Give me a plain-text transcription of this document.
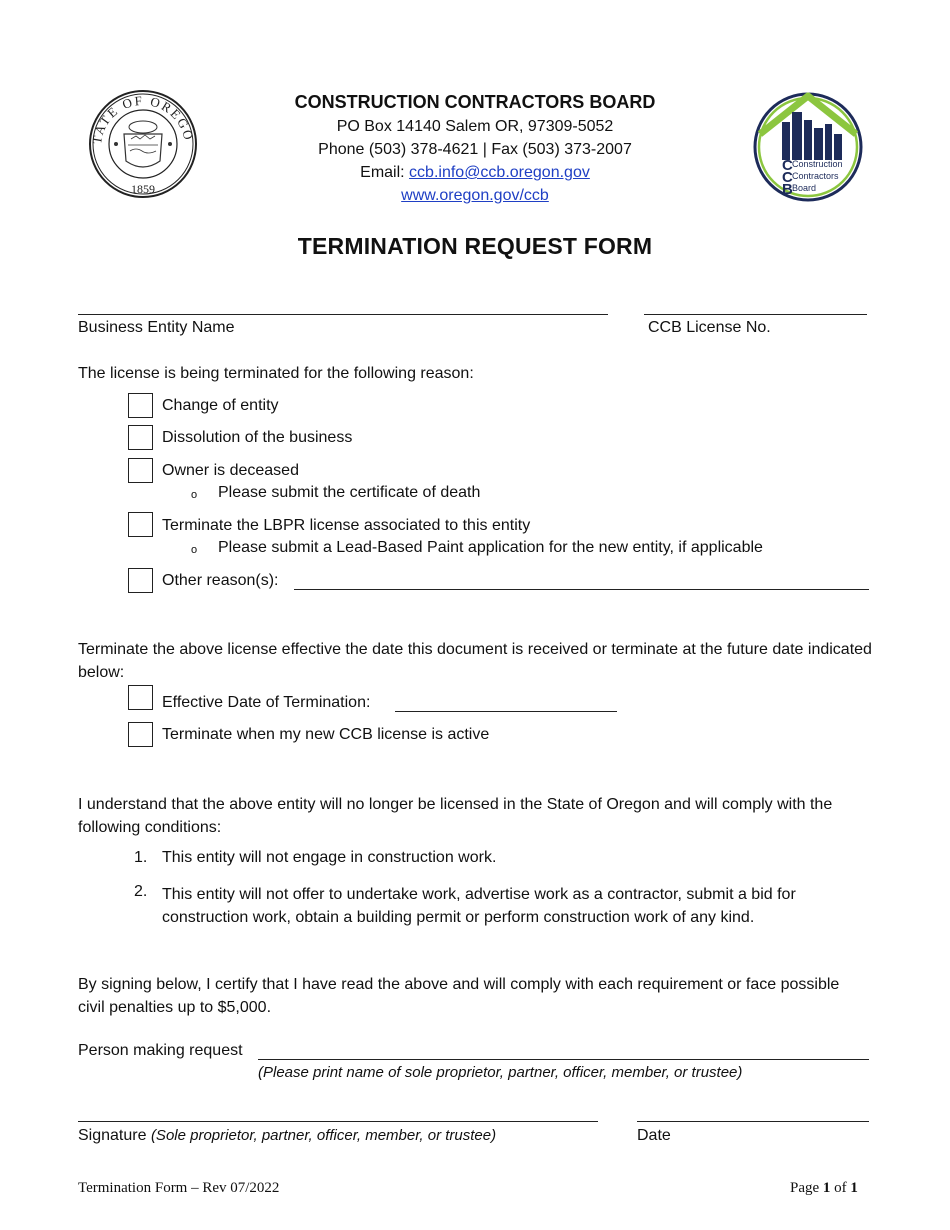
TATE OF OREGO
1859
C
C
B
Construction
Contractors
Board
CONSTRUCTION CONTRACTORS BOARD
PO Box 14140 Salem OR, 97309-5052
Phone (503) 378-4621 | Fax (503) 373-2007
Email: ccb.info@ccb.oregon.gov
www.oregon.gov/ccb
TERMINATION REQUEST FORM
Business Entity Name	CCB License No.
The license is being terminated for the following reason:
Change of entity
Dissolution of the business
Owner is deceased
o Please submit the certificate of death
Terminate the LBPR license associated to this entity
o Please submit a Lead-Based Paint application for the new entity, if applicable
Other reason(s):
Terminate the above license effective the date this document is received or terminate at the future date indicated below:
Effective Date of Termination:
Terminate when my new CCB license is active
I understand that the above entity will no longer be licensed in the State of Oregon and will comply with the following conditions:
1. This entity will not engage in construction work.
2. This entity will not offer to undertake work, advertise work as a contractor, submit a bid for construction work, obtain a building permit or perform construction work of any kind.
By signing below, I certify that I have read the above and will comply with each requirement or face possible civil penalties up to $5,000.
Person making request
(Please print name of sole proprietor, partner, officer, member, or trustee)
Signature (Sole proprietor, partner, officer, member, or trustee)	Date
Termination Form – Rev 07/2022	Page 1 of 1
